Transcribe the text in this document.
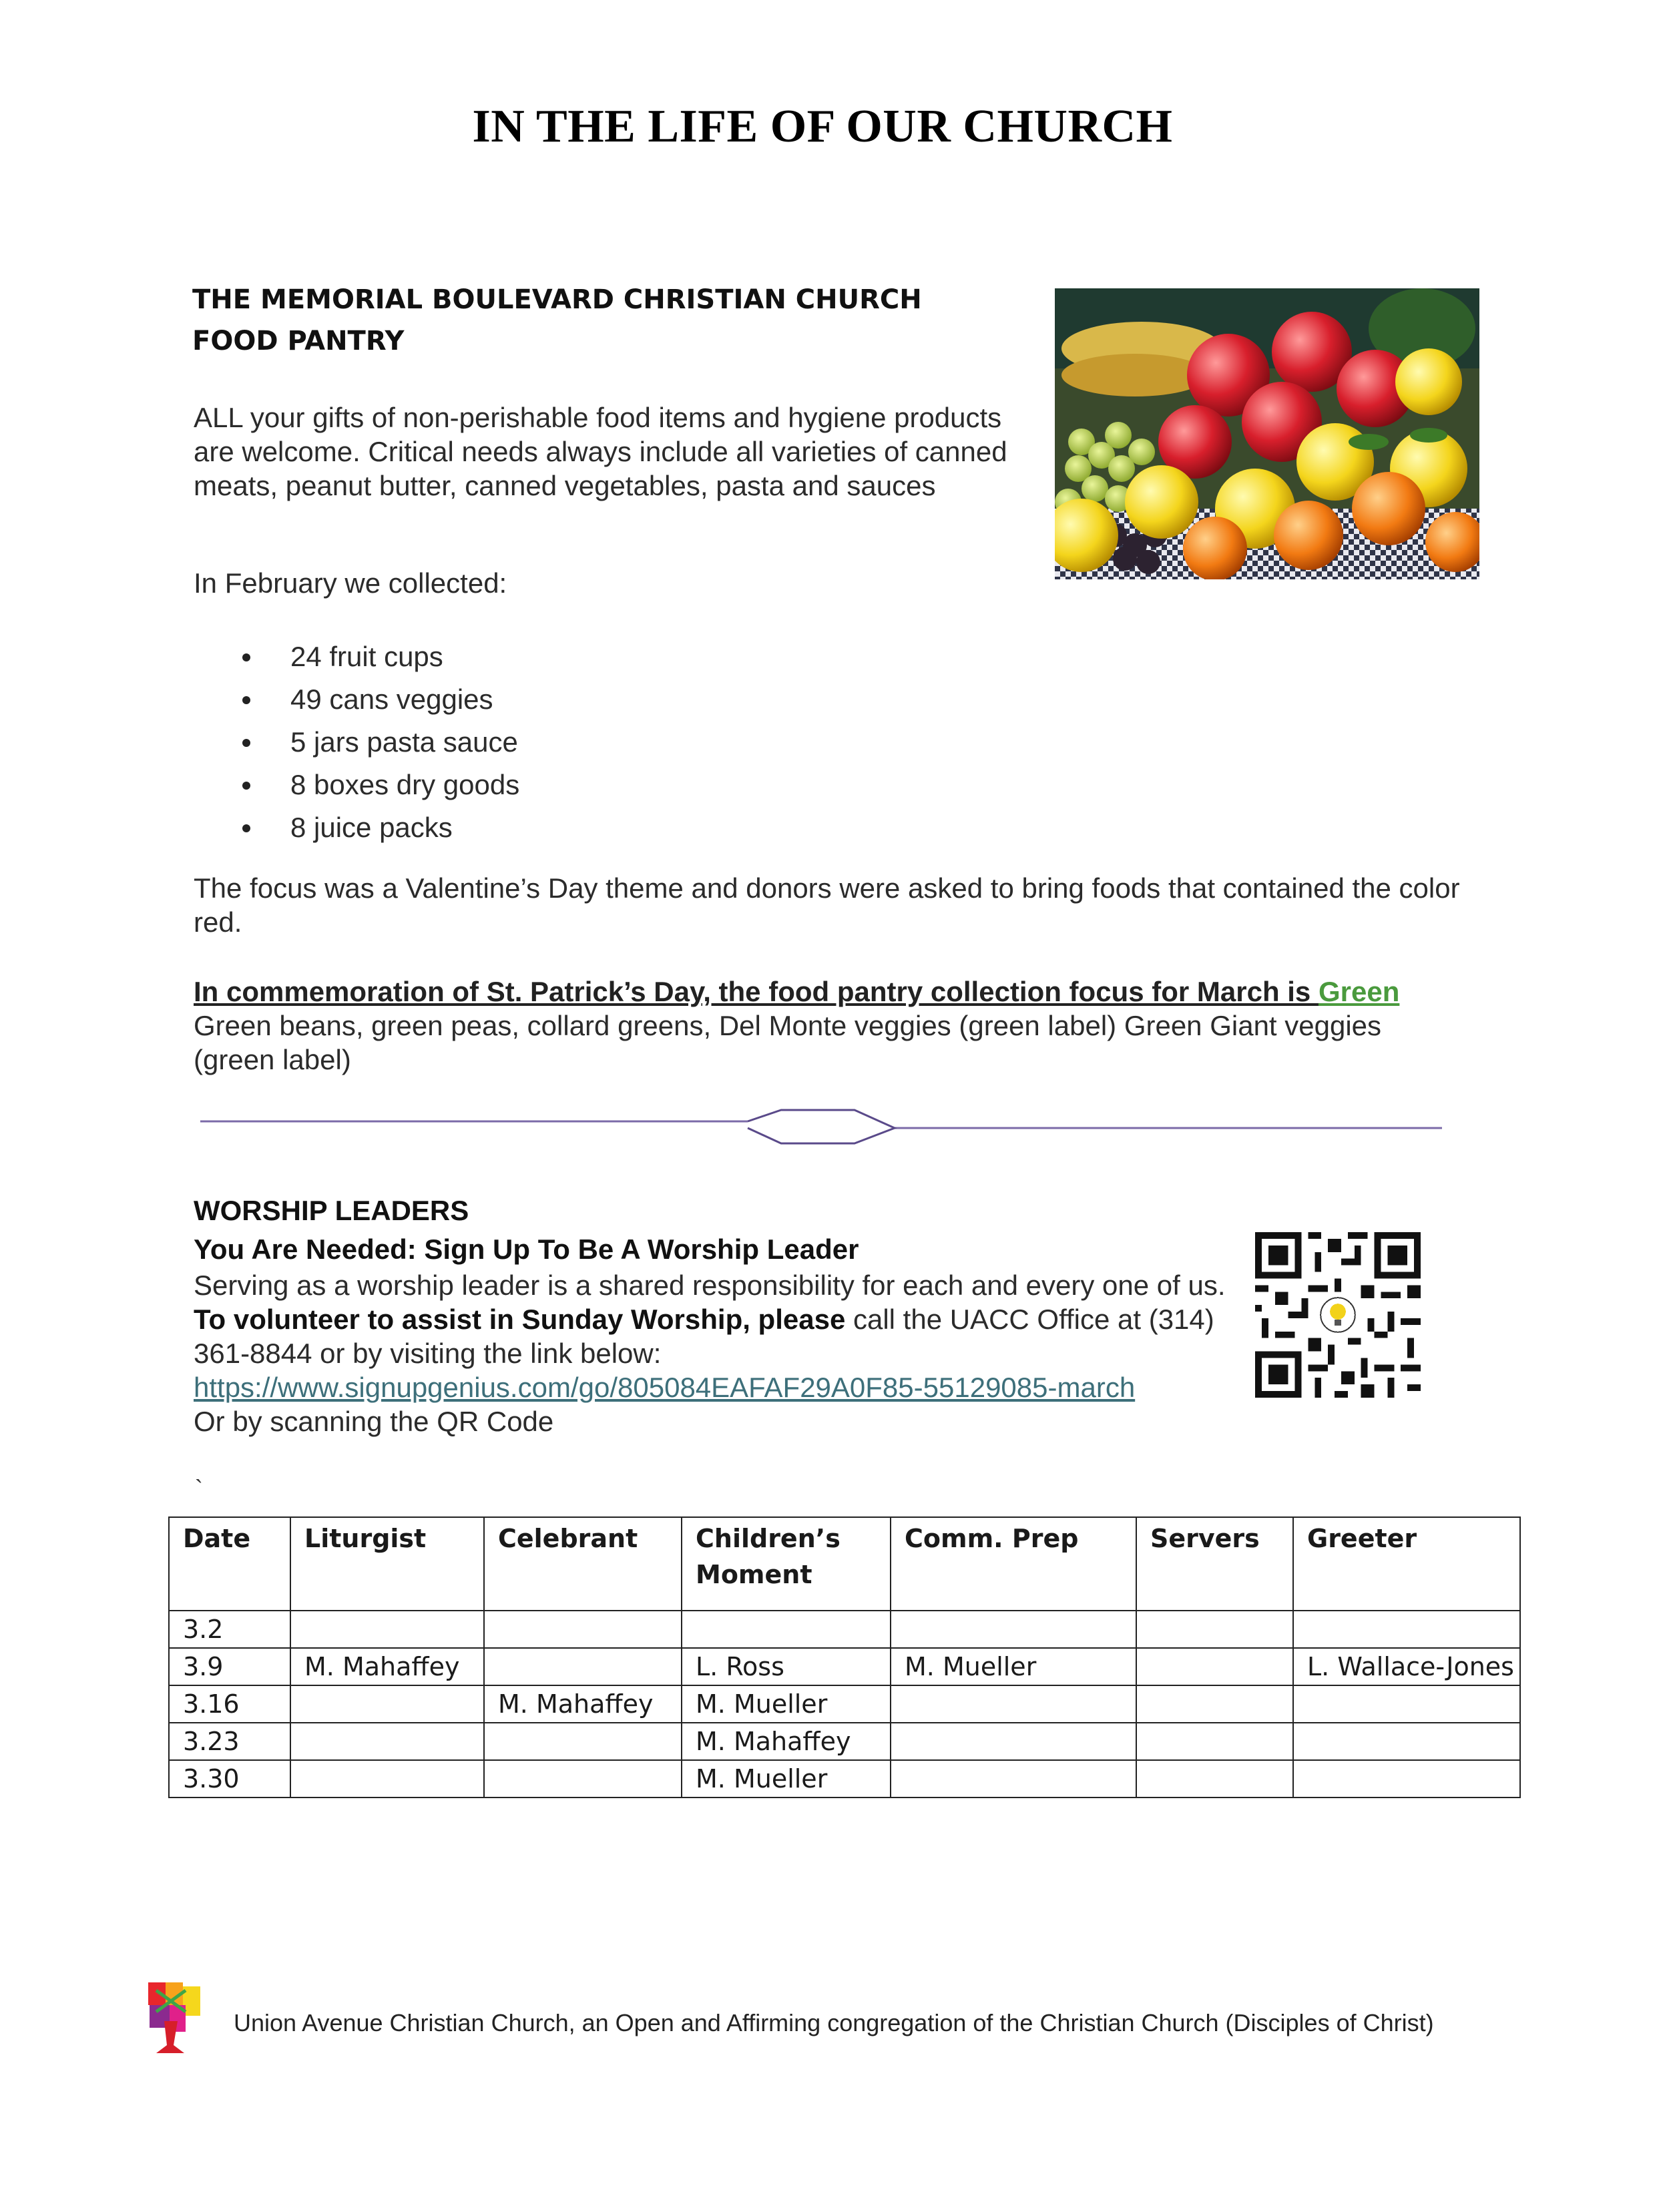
IN THE LIFE OF OUR CHURCH
THE MEMORIAL BOULEVARD CHRISTIAN CHURCH
FOOD PANTRY
ALL your gifts of non-perishable food items and hygiene products are welcome. Critical needs always include all varieties of canned meats, peanut butter, canned vegetables, pasta and sauces
In February we collected:
24 fruit cups
49 cans veggies
5 jars pasta sauce
8 boxes dry goods
8 juice packs
The focus was a Valentine’s Day theme and donors were asked to bring foods that contained the color red.
In commemoration of St. Patrick’s Day, the food pantry collection focus for March is Green
Green beans, green peas, collard greens, Del Monte veggies (green label) Green Giant veggies (green label)
WORSHIP LEADERS
You Are Needed: Sign Up To Be A Worship Leader
Serving as a worship leader is a shared responsibility for each and every one of us. To volunteer to assist in Sunday Worship, please call the UACC Office at (314) 361-8844 or by visiting the link below:
https://www.signupgenius.com/go/805084EAFAF29A0F85-55129085-march
Or by scanning the QR Code
`
Date	Liturgist	Celebrant	Children’s Moment	Comm. Prep	Servers	Greeter
3.2						
3.9	M. Mahaffey		L. Ross	M. Mueller		L. Wallace-Jones
3.16		M. Mahaffey	M. Mueller			
3.23			M. Mahaffey			
3.30			M. Mueller			
Union Avenue Christian Church, an Open and Affirming congregation of the Christian Church (Disciples of Christ)
